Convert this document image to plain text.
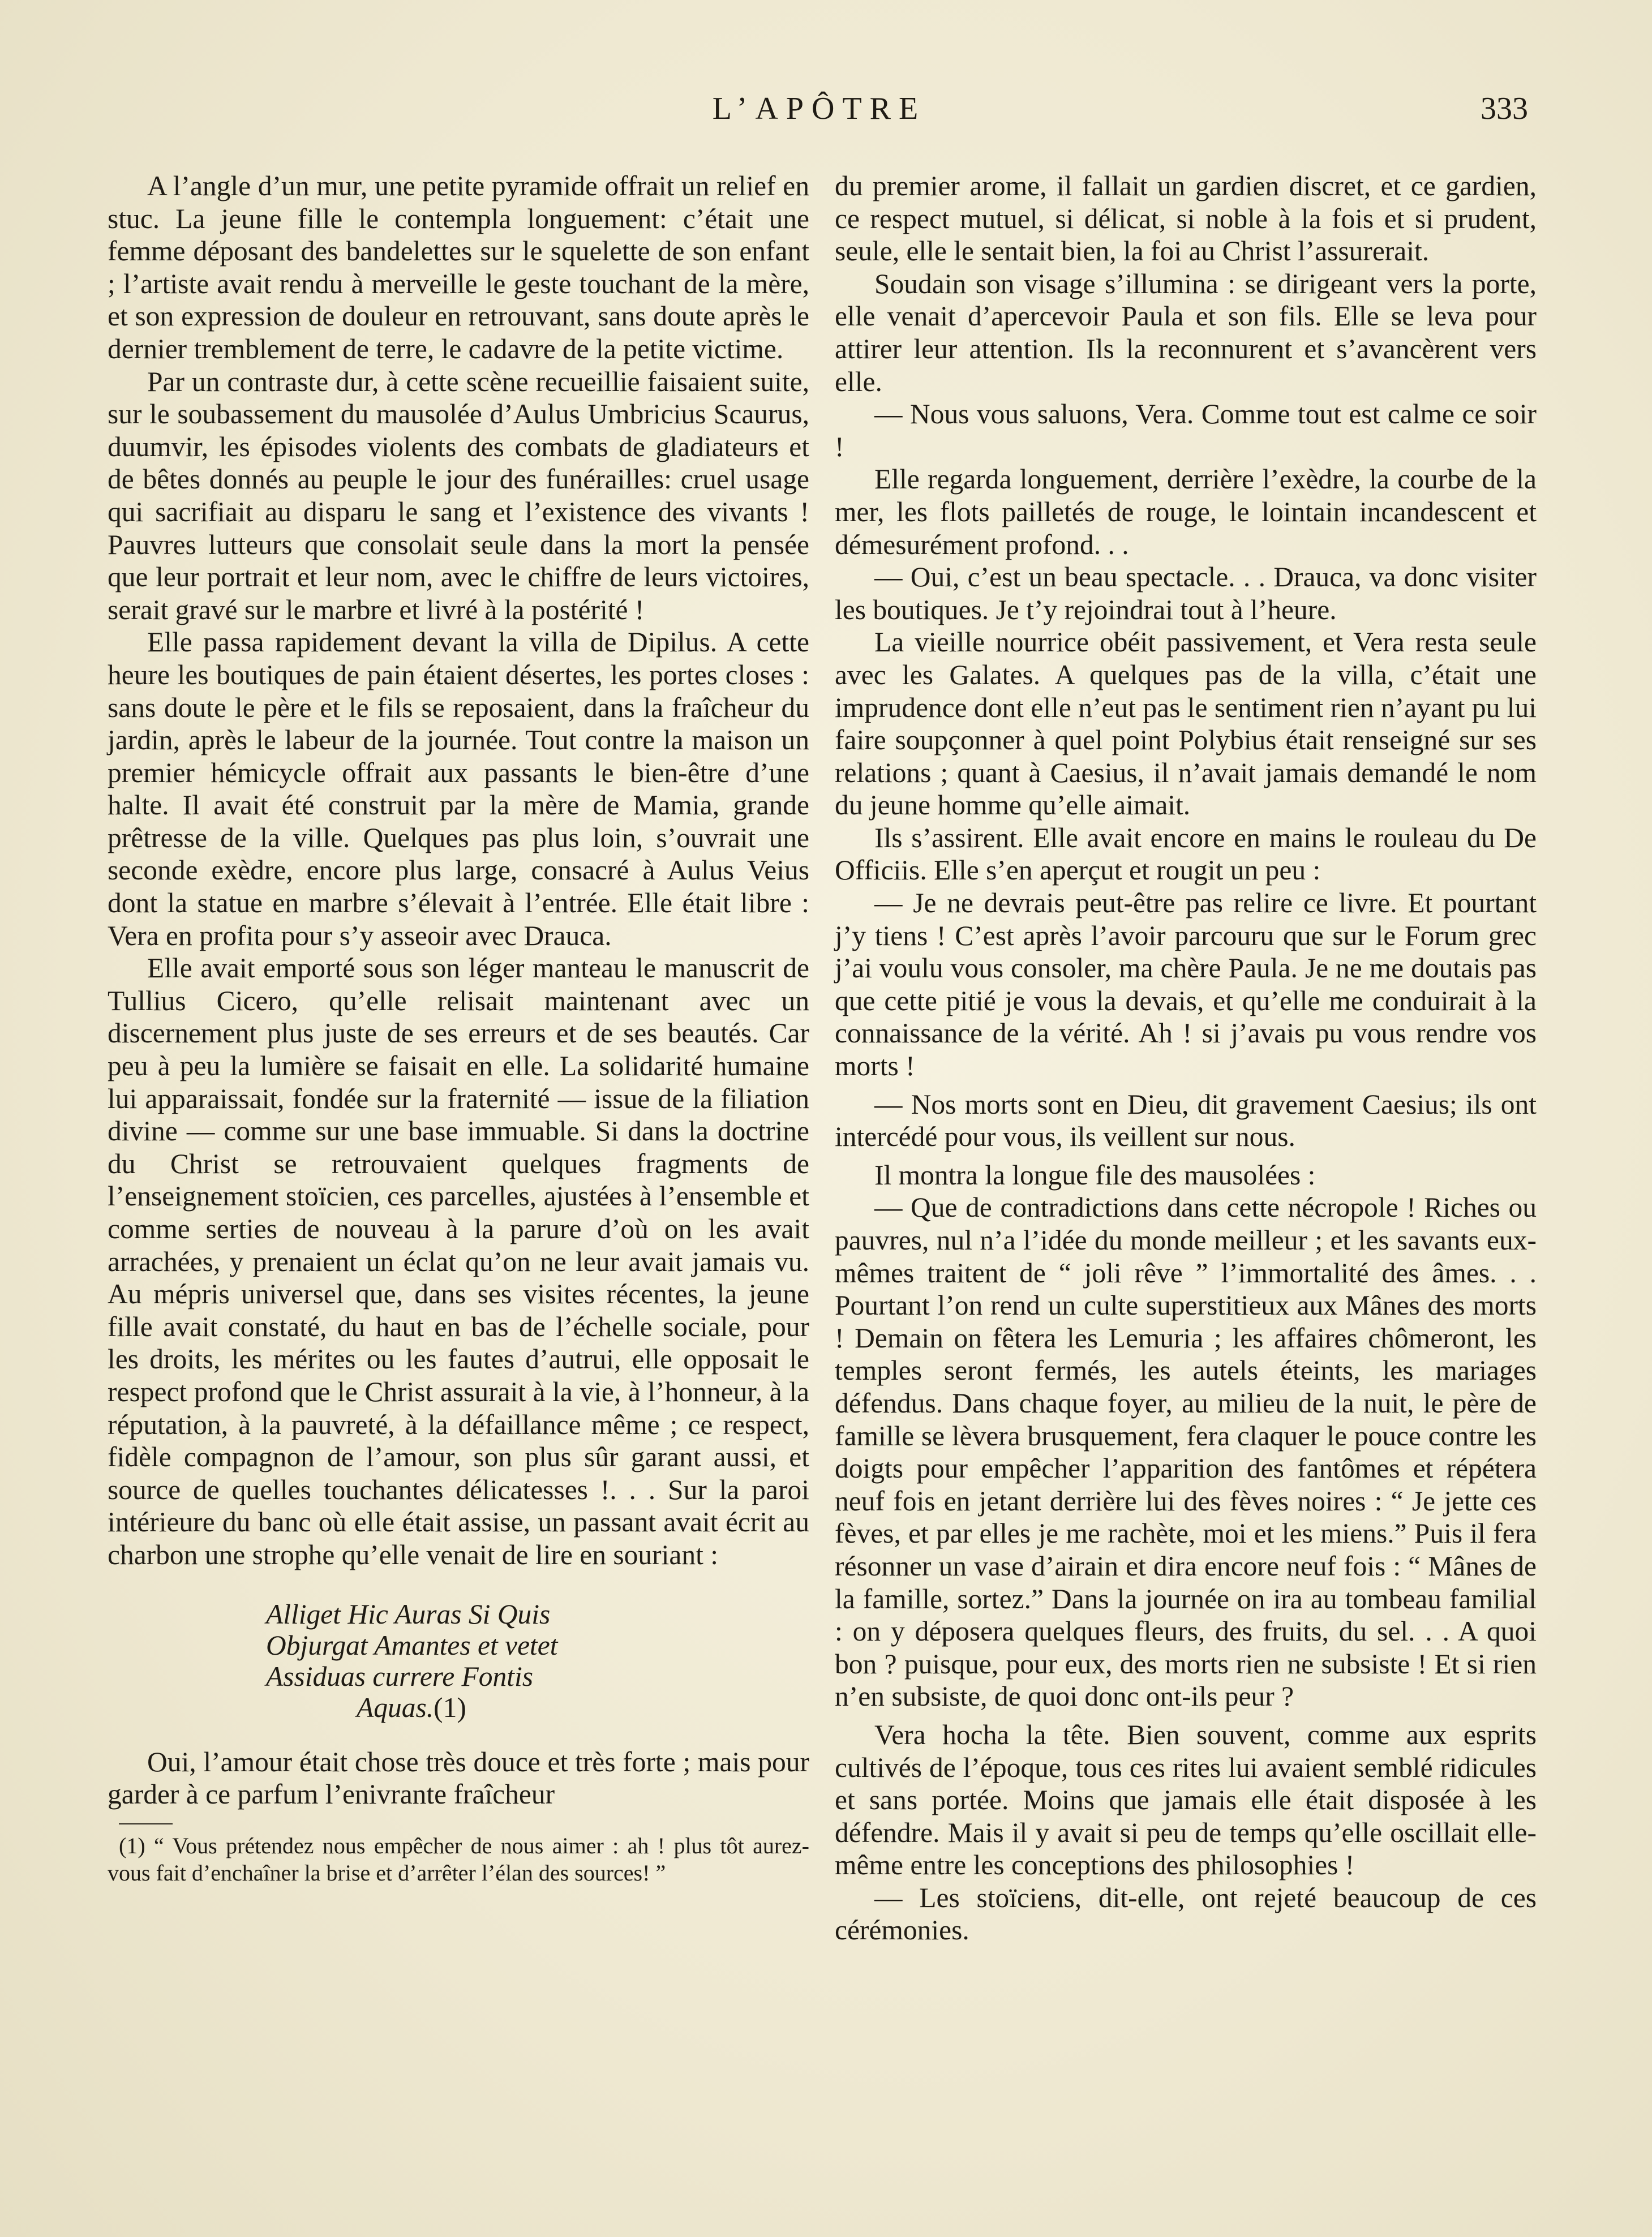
L’APÔTRE	333

A l’angle d’un mur, une petite pyramide offrait un relief en stuc. La jeune fille le contempla longuement: c’était une femme déposant des bandelettes sur le squelette de son enfant ; l’artiste avait rendu à merveille le geste touchant de la mère, et son expression de douleur en retrouvant, sans doute après le dernier tremblement de terre, le cadavre de la petite victime.

Par un contraste dur, à cette scène recueillie faisaient suite, sur le soubassement du mausolée d’Aulus Umbricius Scaurus, duumvir, les épisodes violents des combats de gladiateurs et de bêtes donnés au peuple le jour des funérailles: cruel usage qui sacrifiait au disparu le sang et l’existence des vivants ! Pauvres lutteurs que consolait seule dans la mort la pensée que leur portrait et leur nom, avec le chiffre de leurs victoires, serait gravé sur le marbre et livré à la postérité !

Elle passa rapidement devant la villa de Dipilus. A cette heure les boutiques de pain étaient désertes, les portes closes : sans doute le père et le fils se reposaient, dans la fraîcheur du jardin, après le labeur de la journée. Tout contre la maison un premier hémicycle offrait aux passants le bien-être d’une halte. Il avait été construit par la mère de Mamia, grande prêtresse de la ville. Quelques pas plus loin, s’ouvrait une seconde exèdre, encore plus large, consacré à Aulus Veius dont la statue en marbre s’élevait à l’entrée. Elle était libre : Vera en profita pour s’y asseoir avec Drauca.

Elle avait emporté sous son léger manteau le manuscrit de Tullius Cicero, qu’elle relisait maintenant avec un discernement plus juste de ses erreurs et de ses beautés. Car peu à peu la lumière se faisait en elle. La solidarité humaine lui apparaissait, fondée sur la fraternité — issue de la filiation divine — comme sur une base immuable. Si dans la doctrine du Christ se retrouvaient quelques fragments de l’enseignement stoïcien, ces parcelles, ajustées à l’ensemble et comme serties de nouveau à la parure d’où on les avait arrachées, y prenaient un éclat qu’on ne leur avait jamais vu. Au mépris universel que, dans ses visites récentes, la jeune fille avait constaté, du haut en bas de l’échelle sociale, pour les droits, les mérites ou les fautes d’autrui, elle opposait le respect profond que le Christ assurait à la vie, à l’honneur, à la réputation, à la pauvreté, à la défaillance même ; ce respect, fidèle compagnon de l’amour, son plus sûr garant aussi, et source de quelles touchantes délicatesses !. . . Sur la paroi intérieure du banc où elle était assise, un passant avait écrit au charbon une strophe qu’elle venait de lire en souriant :

Alliget Hic Auras Si Quis
Objurgat Amantes et vetet
Assiduas currere Fontis
Aquas.(1)

Oui, l’amour était chose très douce et très forte ; mais pour garder à ce parfum l’enivrante fraîcheur

(1) “ Vous prétendez nous empêcher de nous aimer : ah ! plus tôt aurez-vous fait d’enchaîner la brise et d’arrêter l’élan des sources! ”

du premier arome, il fallait un gardien discret, et ce gardien, ce respect mutuel, si délicat, si noble à la fois et si prudent, seule, elle le sentait bien, la foi au Christ l’assurerait.

Soudain son visage s’illumina : se dirigeant vers la porte, elle venait d’apercevoir Paula et son fils. Elle se leva pour attirer leur attention. Ils la reconnurent et s’avancèrent vers elle.

— Nous vous saluons, Vera. Comme tout est calme ce soir !

Elle regarda longuement, derrière l’exèdre, la courbe de la mer, les flots pailletés de rouge, le lointain incandescent et démesurément profond. . .

— Oui, c’est un beau spectacle. . . Drauca, va donc visiter les boutiques. Je t’y rejoindrai tout à l’heure.

La vieille nourrice obéit passivement, et Vera resta seule avec les Galates. A quelques pas de la villa, c’était une imprudence dont elle n’eut pas le sentiment rien n’ayant pu lui faire soupçonner à quel point Polybius était renseigné sur ses relations ; quant à Caesius, il n’avait jamais demandé le nom du jeune homme qu’elle aimait.

Ils s’assirent. Elle avait encore en mains le rouleau du De Officiis. Elle s’en aperçut et rougit un peu :

— Je ne devrais peut-être pas relire ce livre. Et pourtant j’y tiens ! C’est après l’avoir parcouru que sur le Forum grec j’ai voulu vous consoler, ma chère Paula. Je ne me doutais pas que cette pitié je vous la devais, et qu’elle me conduirait à la connaissance de la vérité. Ah ! si j’avais pu vous rendre vos morts !

— Nos morts sont en Dieu, dit gravement Caesius; ils ont intercédé pour vous, ils veillent sur nous.

Il montra la longue file des mausolées :

— Que de contradictions dans cette nécropole ! Riches ou pauvres, nul n’a l’idée du monde meilleur ; et les savants eux-mêmes traitent de “ joli rêve ” l’immortalité des âmes. . . Pourtant l’on rend un culte superstitieux aux Mânes des morts ! Demain on fêtera les Lemuria ; les affaires chômeront, les temples seront fermés, les autels éteints, les mariages défendus. Dans chaque foyer, au milieu de la nuit, le père de famille se lèvera brusquement, fera claquer le pouce contre les doigts pour empêcher l’apparition des fantômes et répétera neuf fois en jetant derrière lui des fèves noires : “ Je jette ces fèves, et par elles je me rachète, moi et les miens.” Puis il fera résonner un vase d’airain et dira encore neuf fois : “ Mânes de la famille, sortez.” Dans la journée on ira au tombeau familial : on y déposera quelques fleurs, des fruits, du sel. . . A quoi bon ? puisque, pour eux, des morts rien ne subsiste ! Et si rien n’en subsiste, de quoi donc ont-ils peur ?

Vera hocha la tête. Bien souvent, comme aux esprits cultivés de l’époque, tous ces rites lui avaient semblé ridicules et sans portée. Moins que jamais elle était disposée à les défendre. Mais il y avait si peu de temps qu’elle oscillait elle-même entre les conceptions des philosophies !

— Les stoïciens, dit-elle, ont rejeté beaucoup de ces cérémonies.
